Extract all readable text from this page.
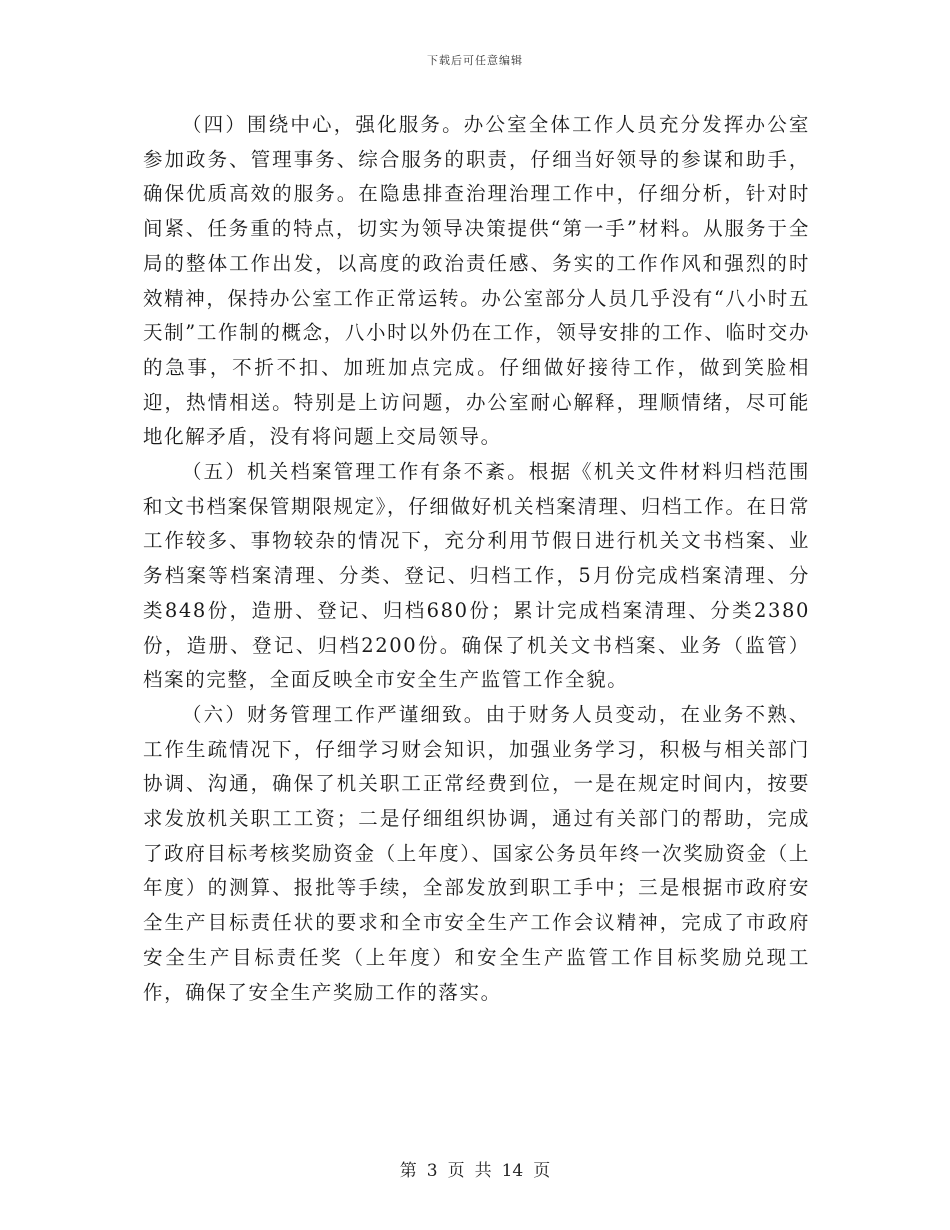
下载后可任意编辑

（四）围绕中心，强化服务。办公室全体工作人员充分发挥办公室参加政务、管理事务、综合服务的职责，仔细当好领导的参谋和助手，确保优质高效的服务。在隐患排查治理治理工作中，仔细分析，针对时间紧、任务重的特点，切实为领导决策提供“第一手”材料。从服务于全局的整体工作出发，以高度的政治责任感、务实的工作作风和强烈的时效精神，保持办公室工作正常运转。办公室部分人员几乎没有“八小时五天制”工作制的概念，八小时以外仍在工作，领导安排的工作、临时交办的急事，不折不扣、加班加点完成。仔细做好接待工作，做到笑脸相迎，热情相送。特别是上访问题，办公室耐心解释，理顺情绪，尽可能地化解矛盾，没有将问题上交局领导。

（五）机关档案管理工作有条不紊。根据《机关文件材料归档范围和文书档案保管期限规定》，仔细做好机关档案清理、归档工作。在日常工作较多、事物较杂的情况下，充分利用节假日进行机关文书档案、业务档案等档案清理、分类、登记、归档工作，5月份完成档案清理、分类848份，造册、登记、归档680份；累计完成档案清理、分类2380份，造册、登记、归档2200份。确保了机关文书档案、业务（监管）档案的完整，全面反映全市安全生产监管工作全貌。

（六）财务管理工作严谨细致。由于财务人员变动，在业务不熟、工作生疏情况下，仔细学习财会知识，加强业务学习，积极与相关部门协调、沟通，确保了机关职工正常经费到位，一是在规定时间内，按要求发放机关职工工资；二是仔细组织协调，通过有关部门的帮助，完成了政府目标考核奖励资金（上年度）、国家公务员年终一次奖励资金（上年度）的测算、报批等手续，全部发放到职工手中；三是根据市政府安全生产目标责任状的要求和全市安全生产工作会议精神，完成了市政府安全生产目标责任奖（上年度）和安全生产监管工作目标奖励兑现工作，确保了安全生产奖励工作的落实。

第 3 页 共 14 页
